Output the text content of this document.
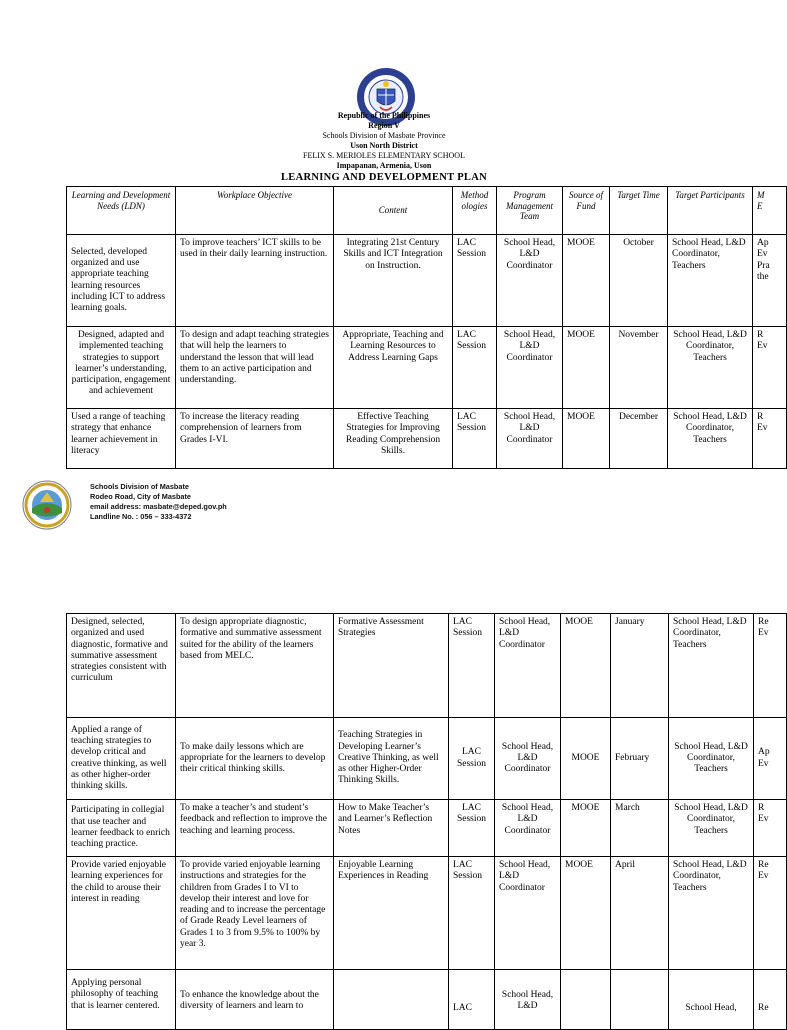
Republic of the Philippines
Region V
Schools Division of Masbate Province
Uson North District
FELIX S. MERIOLES ELEMENTARY SCHOOL
Impapanan, Armenia, Uson
LEARNING AND DEVELOPMENT PLAN
Learning and Development Needs (LDN)	Workplace Objective	Content	Method ologies	Program Management Team	Source of Fund	Target Time	Target Participants	M
E
Selected, developed organized and use appropriate teaching learning resources including ICT to address learning goals.	To improve teachers’ ICT skills to be used in their daily learning instruction.	Integrating 21st Century Skills and ICT Integration on Instruction.	LAC Session	School Head, L&D Coordinator	MOOE	October	School Head, L&D Coordinator, Teachers	Ap
Ev
Pra
the
Designed, adapted and implemented teaching strategies to support learner’s understanding, participation, engagement and achievement	To design and adapt teaching strategies that will help the learners to understand the lesson that will lead them to an active participation and understanding.	Appropriate, Teaching and Learning Resources to Address Learning Gaps	LAC Session	School Head, L&D Coordinator	MOOE	November	School Head, L&D Coordinator, Teachers	R
Ev
Used a range of teaching strategy that enhance learner achievement in literacy	To increase the literacy reading comprehension of learners from Grades I-VI.	Effective Teaching Strategies for Improving Reading Comprehension Skills.	LAC Session	School Head, L&D Coordinator	MOOE	December	School Head, L&D Coordinator, Teachers	R
Ev
Schools Division of Masbate
Rodeo Road, City of Masbate
email address: masbate@deped.gov.ph
Landline No. : 056 – 333-4372
Designed, selected, organized and used diagnostic, formative and summative assessment strategies consistent with curriculum	To design appropriate diagnostic, formative and summative assessment suited for the ability of the learners based from MELC.	Formative Assessment Strategies	LAC Session	School Head, L&D Coordinator	MOOE	January	School Head, L&D Coordinator, Teachers	Re
Ev
Applied a range of teaching strategies to develop critical and creative thinking, as well as other higher-order thinking skills.	To make daily lessons which are appropriate for the learners to develop their critical thinking skills.	Teaching Strategies in Developing Learner’s Creative Thinking, as well as other Higher-Order Thinking Skills.	LAC Session	School Head, L&D Coordinator	MOOE	February	School Head, L&D Coordinator, Teachers	Ap
Ev
Participating in collegial that use teacher and learner feedback to enrich teaching practice.	To make a teacher’s and student’s feedback and reflection to improve the teaching and learning process.	How to Make Teacher’s and Learner’s Reflection Notes	LAC Session	School Head, L&D Coordinator	MOOE	March	School Head, L&D Coordinator, Teachers	R
Ev
Provide varied enjoyable learning experiences for the child to arouse their interest in reading	To provide varied enjoyable learning instructions and strategies for the children from Grades I to VI to develop their interest and love for reading and to increase the percentage of Grade Ready Level learners of Grades 1 to 3 from 9.5% to 100% by year 3.	Enjoyable Learning Experiences in Reading	LAC Session	School Head, L&D Coordinator	MOOE	April	School Head, L&D Coordinator, Teachers	Re
Ev
Applying personal philosophy of teaching that is learner centered.	To enhance the knowledge about the diversity of learners and learn to		LAC	School Head, L&D			School Head,	Re
